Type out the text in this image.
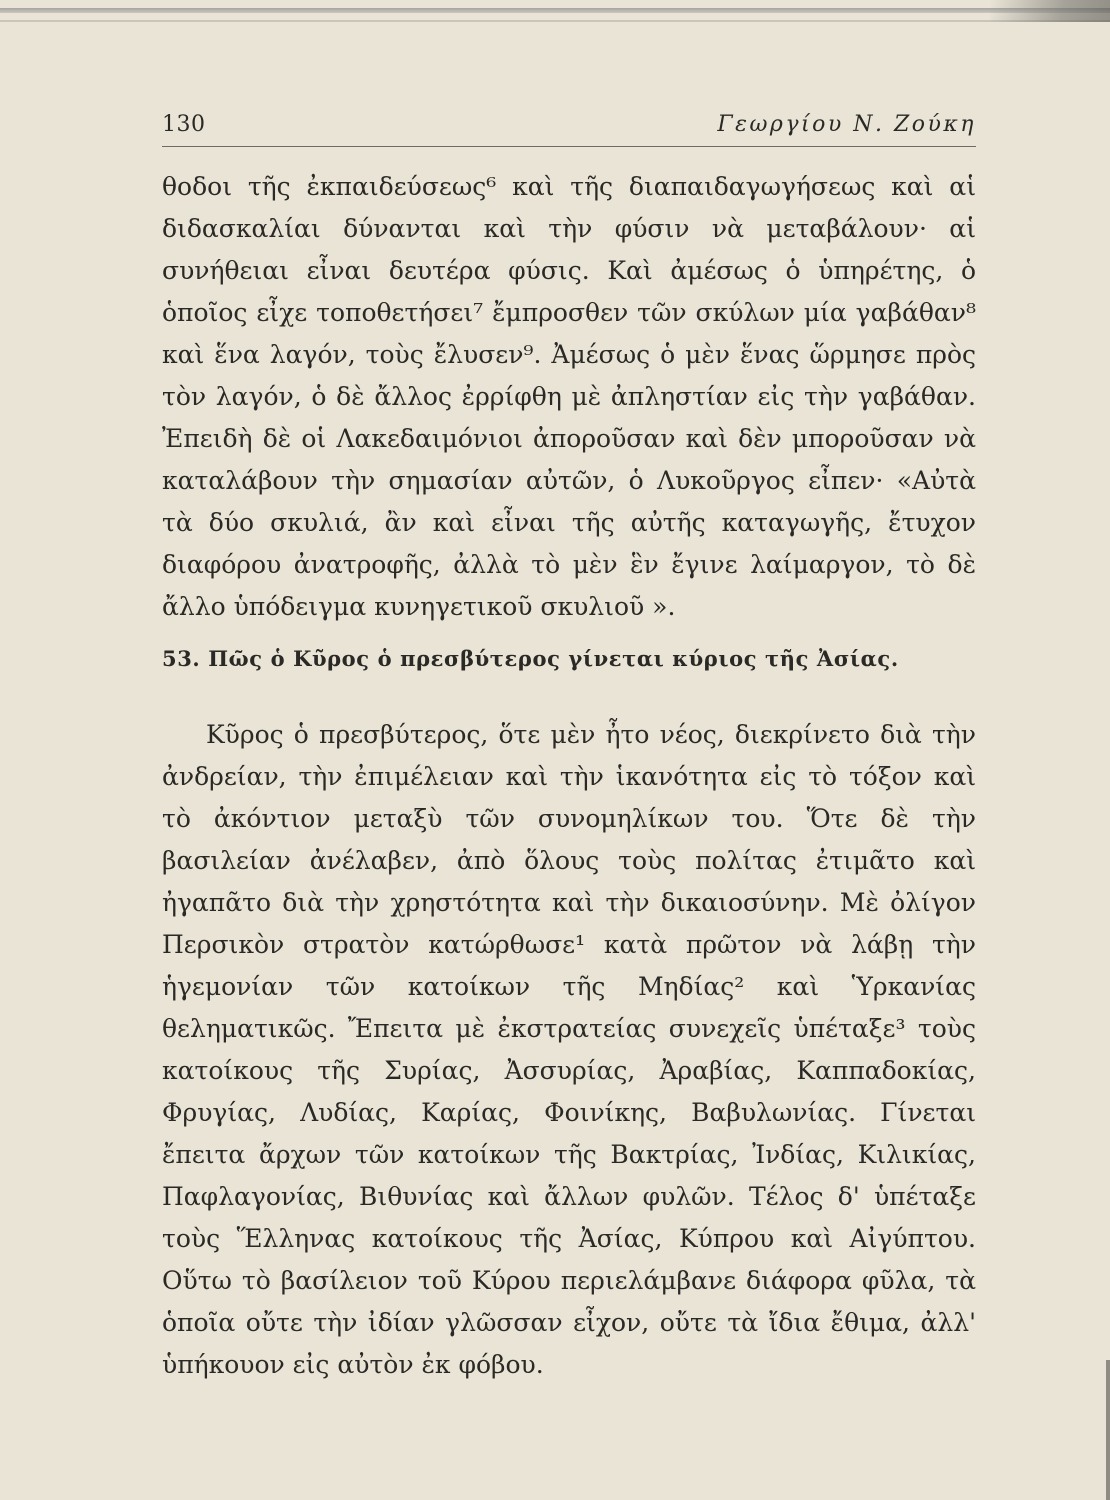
130	Γεωργίου Ν. Ζούκη

θοδοι τῆς ἐκπαιδεύσεως⁶ καὶ τῆς διαπαιδαγωγήσεως καὶ αἱ διδασκαλίαι δύνανται καὶ τὴν φύσιν νὰ μεταβάλουν· αἱ συνήθειαι εἶναι δευτέρα φύσις. Καὶ ἀμέσως ὁ ὑπηρέτης, ὁ ὁποῖος εἶχε τοποθετήσει⁷ ἔμπροσθεν τῶν σκύλων μία γαβάθαν⁸ καὶ ἕνα λαγόν, τοὺς ἔλυσεν⁹. Ἀμέσως ὁ μὲν ἕνας ὥρμησε πρὸς τὸν λαγόν, ὁ δὲ ἄλλος ἐρρίφθη μὲ ἀπληστίαν εἰς τὴν γαβάθαν. Ἐπειδὴ δὲ οἱ Λακεδαιμόνιοι ἀποροῦσαν καὶ δὲν μποροῦσαν νὰ καταλάβουν τὴν σημασίαν αὐτῶν, ὁ Λυκοῦργος εἶπεν· «Αὐτὰ τὰ δύο σκυλιά, ἂν καὶ εἶναι τῆς αὐτῆς καταγωγῆς, ἔτυχον διαφόρου ἀνατροφῆς, ἀλλὰ τὸ μὲν ἓν ἔγινε λαίμαργον, τὸ δὲ ἄλλο ὑπόδειγμα κυνηγετικοῦ σκυλιοῦ ».

53. Πῶς ὁ Κῦρος ὁ πρεσβύτερος γίνεται κύριος τῆς Ἀσίας.

Κῦρος ὁ πρεσβύτερος, ὅτε μὲν ἦτο νέος, διεκρίνετο διὰ τὴν ἀνδρείαν, τὴν ἐπιμέλειαν καὶ τὴν ἱκανότητα εἰς τὸ τόξον καὶ τὸ ἀκόντιον μεταξὺ τῶν συνομηλίκων του. Ὅτε δὲ τὴν βασιλείαν ἀνέλαβεν, ἀπὸ ὅλους τοὺς πολίτας ἐτιμᾶτο καὶ ἠγαπᾶτο διὰ τὴν χρηστότητα καὶ τὴν δικαιοσύνην. Μὲ ὀλίγον Περσικὸν στρατὸν κατώρθωσε¹ κατὰ πρῶτον νὰ λάβῃ τὴν ἡγεμονίαν τῶν κατοίκων τῆς Μηδίας² καὶ Ὑρκανίας θεληματικῶς. Ἔπειτα μὲ ἐκστρατείας συνεχεῖς ὑπέταξε³ τοὺς κατοίκους τῆς Συρίας, Ἀσσυρίας, Ἀραβίας, Καππαδοκίας, Φρυγίας, Λυδίας, Καρίας, Φοινίκης, Βαβυλωνίας. Γίνεται ἔπειτα ἄρχων τῶν κατοίκων τῆς Βακτρίας, Ἰνδίας, Κιλικίας, Παφλαγονίας, Βιθυνίας καὶ ἄλλων φυλῶν. Τέλος δ' ὑπέταξε τοὺς Ἕλληνας κατοίκους τῆς Ἀσίας, Κύπρου καὶ Αἰγύπτου. Οὕτω τὸ βασίλειον τοῦ Κύρου περιελάμβανε διάφορα φῦλα, τὰ ὁποῖα οὔτε τὴν ἰδίαν γλῶσσαν εἶχον, οὔτε τὰ ἴδια ἔθιμα, ἀλλ' ὑπήκουον εἰς αὐτὸν ἐκ φόβου.
